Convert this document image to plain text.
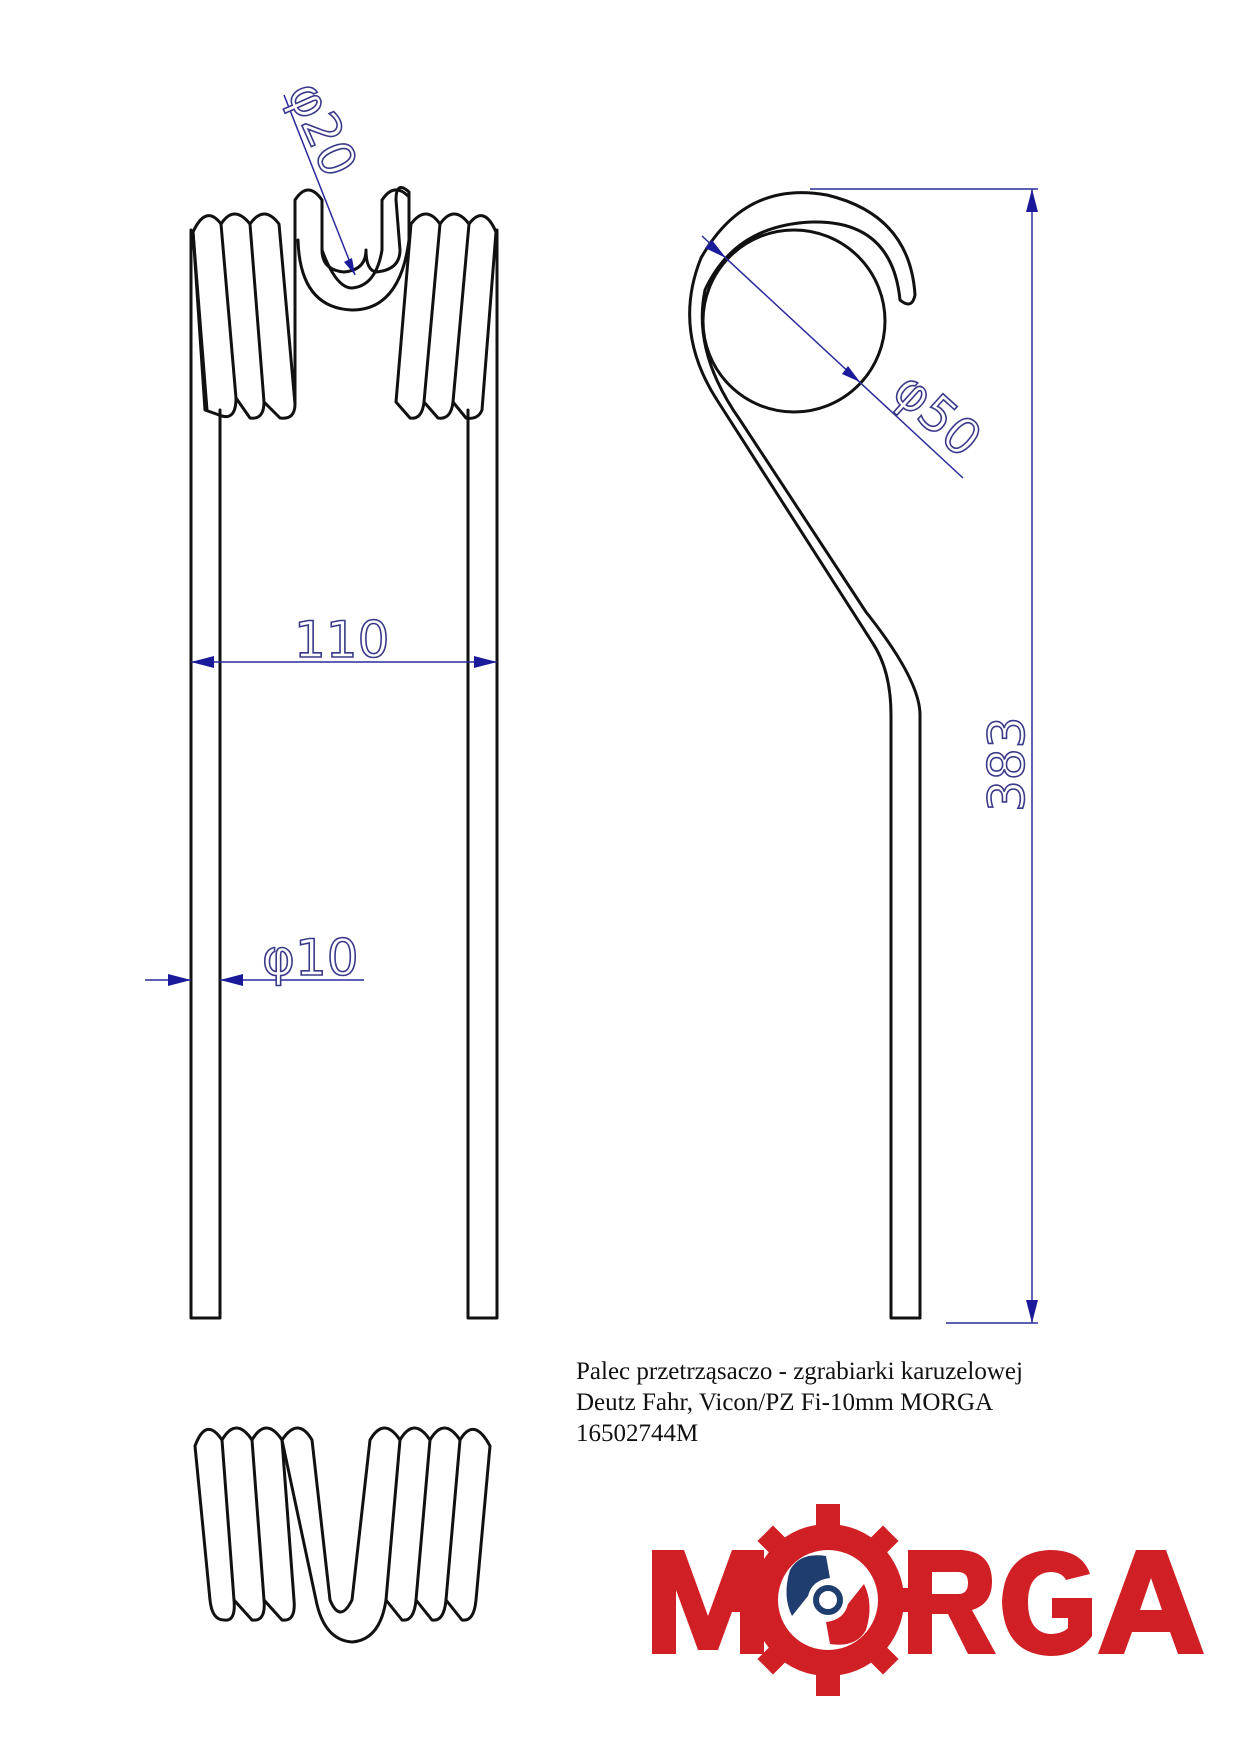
φ20
110
φ10
φ50
383
Palec przetrząsaczo - zgrabiarki karuzelowej
Deutz Fahr, Vicon/PZ Fi-10mm MORGA
16502744M
